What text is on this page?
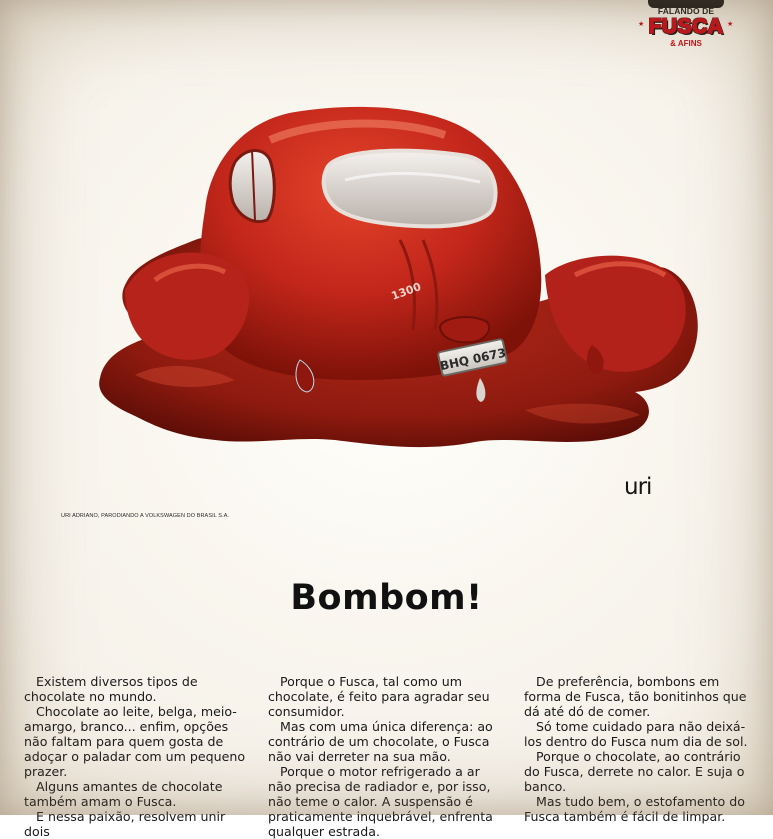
FALANDO DE
★ FUSCA ★
& AFINS
1300
BHQ 0673
URI ADRIANO, PARODIANDO A VOLKSWAGEN DO BRASIL S.A.
uri
Bombom!

Existem diversos tipos de chocolate no mundo.

Chocolate ao leite, belga, meio-amargo, branco... enfim, opções não faltam para quem gosta de adoçar o paladar com um pequeno prazer.

Alguns amantes de chocolate também amam o Fusca.

E nessa paixão, resolvem unir dois

Porque o Fusca, tal como um chocolate, é feito para agradar seu consumidor.

Mas com uma única diferença: ao contrário de um chocolate, o Fusca não vai derreter na sua mão.

Porque o motor refrigerado a ar não precisa de radiador e, por isso, não teme o calor. A suspensão é praticamente inquebrável, enfrenta qualquer estrada.

De preferência, bombons em forma de Fusca, tão bonitinhos que dá até dó de comer.

Só tome cuidado para não deixá-los dentro do Fusca num dia de sol.

Porque o chocolate, ao contrário do Fusca, derrete no calor. E suja o banco.

Mas tudo bem, o estofamento do Fusca também é fácil de limpar.
